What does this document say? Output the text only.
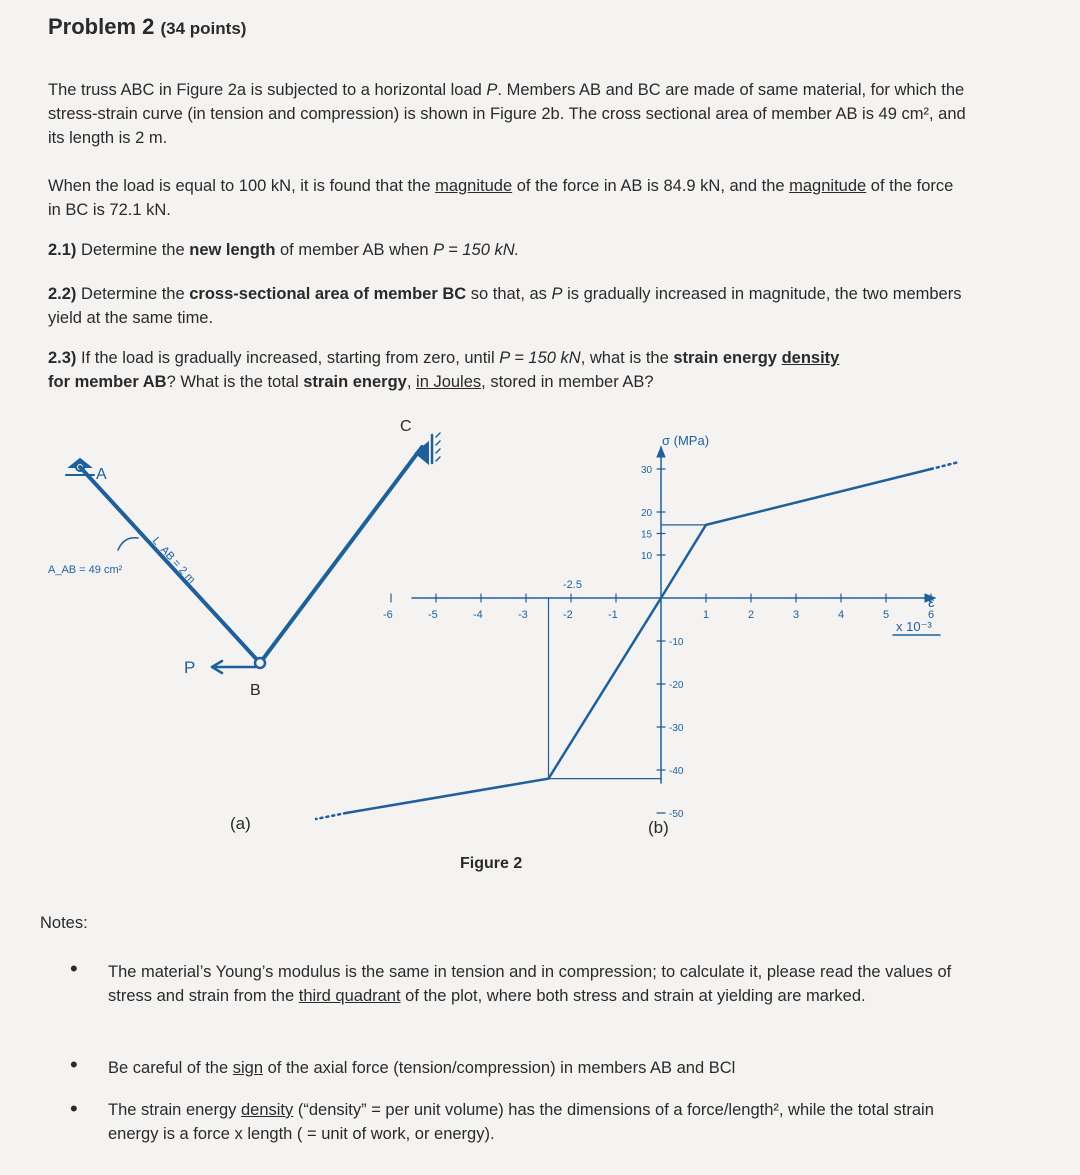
Problem 2 (34 points)
The truss ABC in Figure 2a is subjected to a horizontal load P. Members AB and BC are made of same material, for which the stress-strain curve (in tension and compression) is shown in Figure 2b. The cross sectional area of member AB is 49 cm², and its length is 2 m.
When the load is equal to 100 kN, it is found that the magnitude of the force in AB is 84.9 kN, and the magnitude of the force in BC is 72.1 kN.
2.1) Determine the new length of member AB when P = 150 kN.
2.2) Determine the cross-sectional area of member BC so that, as P is gradually increased in magnitude, the two members yield at the same time.
2.3) If the load is gradually increased, starting from zero, until P = 150 kN, what is the strain energy density
for member AB? What is the total strain energy, in Joules, stored in member AB?
A
B
C
P
A_AB = 49 cm² L_AB = 2 m
σ (MPa)
ε
x 10⁻³
-2.5
-6	-5	-4	-3	-2	-1	1	2	3	4	5	6
30
20
15
10
-10
-20
-30
-40
-50
(a)	(b)
Figure 2
Notes:
• The material’s Young’s modulus is the same in tension and in compression; to calculate it, please read the values of stress and strain from the third quadrant of the plot, where both stress and strain at yielding are marked.
• Be careful of the sign of the axial force (tension/compression) in members AB and BCl
• The strain energy density (“density” = per unit volume) has the dimensions of a force/length², while the total strain energy is a force x length ( = unit of work, or energy).
